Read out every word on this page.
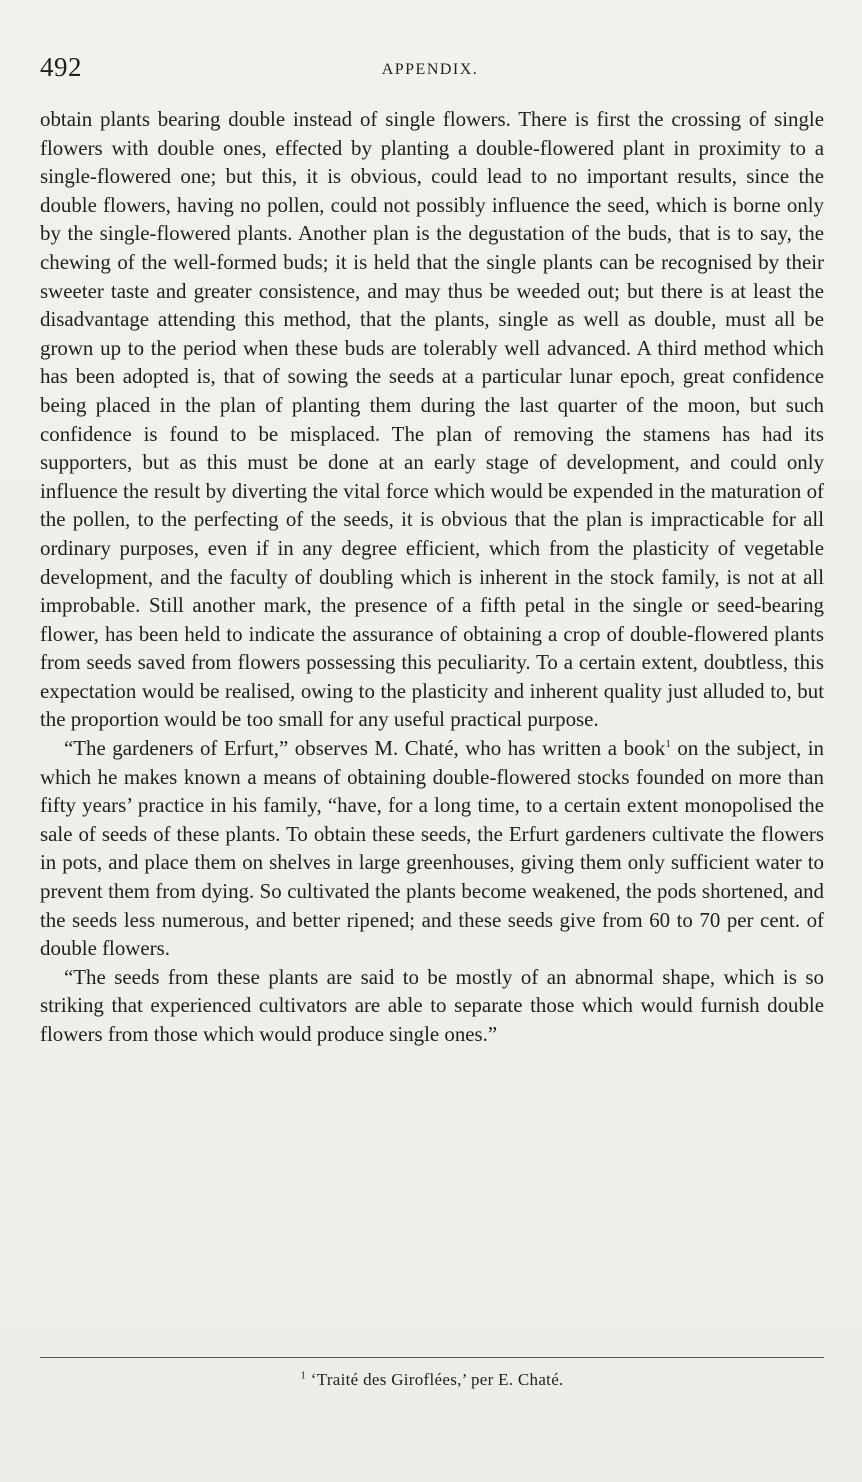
492	APPENDIX.

obtain plants bearing double instead of single flowers. There is first the crossing of single flowers with double ones, effected by planting a double-flowered plant in proximity to a single-flowered one; but this, it is obvious, could lead to no important results, since the double flowers, having no pollen, could not possibly influence the seed, which is borne only by the single-flowered plants. Another plan is the degustation of the buds, that is to say, the chewing of the well-formed buds; it is held that the single plants can be recognised by their sweeter taste and greater consistence, and may thus be weeded out; but there is at least the disadvantage attending this method, that the plants, single as well as double, must all be grown up to the period when these buds are tolerably well advanced. A third method which has been adopted is, that of sowing the seeds at a particular lunar epoch, great confidence being placed in the plan of planting them during the last quarter of the moon, but such confidence is found to be misplaced. The plan of removing the stamens has had its supporters, but as this must be done at an early stage of development, and could only influence the result by diverting the vital force which would be expended in the maturation of the pollen, to the perfecting of the seeds, it is obvious that the plan is impracticable for all ordinary purposes, even if in any degree efficient, which from the plasticity of vegetable development, and the faculty of doubling which is inherent in the stock family, is not at all improbable. Still another mark, the presence of a fifth petal in the single or seed-bearing flower, has been held to indicate the assurance of obtaining a crop of double-flowered plants from seeds saved from flowers possessing this peculiarity. To a certain extent, doubtless, this expectation would be realised, owing to the plasticity and inherent quality just alluded to, but the proportion would be too small for any useful practical purpose.

“The gardeners of Erfurt,” observes M. Chaté, who has written a book$^1$ on the subject, in which he makes known a means of obtaining double-flowered stocks founded on more than fifty years’ practice in his family, “have, for a long time, to a certain extent monopolised the sale of seeds of these plants. To obtain these seeds, the Erfurt gardeners cultivate the flowers in pots, and place them on shelves in large greenhouses, giving them only sufficient water to prevent them from dying. So cultivated the plants become weakened, the pods shortened, and the seeds less numerous, and better ripened; and these seeds give from 60 to 70 per cent. of double flowers.

“The seeds from these plants are said to be mostly of an abnormal shape, which is so striking that experienced cultivators are able to separate those which would furnish double flowers from those which would produce single ones.”

$^1$ ‘Traité des Giroflées,’ per E. Chaté.
